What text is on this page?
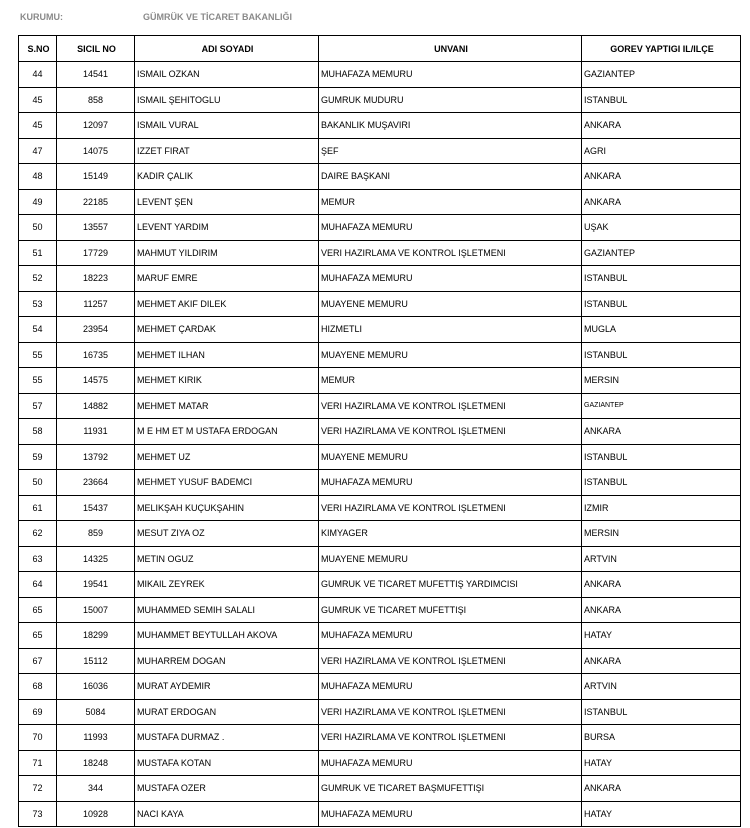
KURUMU:	GÜMRÜK VE TİCARET BAKANLIĞI
S.NO	SICIL NO	ADI SOYADI	UNVANI	GOREV YAPTIGI IL/ILÇE
44	14541	ISMAIL OZKAN	MUHAFAZA MEMURU	GAZIANTEP
45	858	ISMAIL ŞEHITOGLU	GUMRUK MUDURU	ISTANBUL
45	12097	ISMAIL VURAL	BAKANLIK MUŞAVIRI	ANKARA
47	14075	IZZET FIRAT	ŞEF	AGRI
48	15149	KADIR ÇALIK	DAIRE BAŞKANI	ANKARA
49	22185	LEVENT ŞEN	MEMUR	ANKARA
50	13557	LEVENT YARDIM	MUHAFAZA MEMURU	UŞAK
51	17729	MAHMUT YILDIRIM	VERI HAZIRLAMA VE KONTROL IŞLETMENI	GAZIANTEP
52	18223	MARUF EMRE	MUHAFAZA MEMURU	ISTANBUL
53	11257	MEHMET AKIF DILEK	MUAYENE MEMURU	ISTANBUL
54	23954	MEHMET ÇARDAK	HIZMETLI	MUGLA
55	16735	MEHMET ILHAN	MUAYENE MEMURU	ISTANBUL
55	14575	MEHMET KIRIK	MEMUR	MERSIN
57	14882	MEHMET MATAR	VERI HAZIRLAMA VE KONTROL IŞLETMENI	GAZIANTEP
58	11931	M E HM ET M USTAFA ERDOGAN	VERI HAZIRLAMA VE KONTROL IŞLETMENI	ANKARA
59	13792	MEHMET UZ	MUAYENE MEMURU	ISTANBUL
50	23664	MEHMET YUSUF BADEMCI	MUHAFAZA MEMURU	ISTANBUL
61	15437	MELIKŞAH KUÇUKŞAHIN	VERI HAZIRLAMA VE KONTROL IŞLETMENI	IZMIR
62	859	MESUT ZIYA OZ	KIMYAGER	MERSIN
63	14325	METIN OGUZ	MUAYENE MEMURU	ARTVIN
64	19541	MIKAIL ZEYREK	GUMRUK VE TICARET MUFETTIŞ YARDIMCISI	ANKARA
65	15007	MUHAMMED SEMIH SALALI	GUMRUK VE TICARET MUFETTIŞI	ANKARA
65	18299	MUHAMMET BEYTULLAH AKOVA	MUHAFAZA MEMURU	HATAY
67	15112	MUHARREM DOGAN	VERI HAZIRLAMA VE KONTROL IŞLETMENI	ANKARA
68	16036	MURAT AYDEMIR	MUHAFAZA MEMURU	ARTVIN
69	5084	MURAT ERDOGAN	VERI HAZIRLAMA VE KONTROL IŞLETMENI	ISTANBUL
70	11993	MUSTAFA DURMAZ .	VERI HAZIRLAMA VE KONTROL IŞLETMENI	BURSA
71	18248	MUSTAFA KOTAN	MUHAFAZA MEMURU	HATAY
72	344	MUSTAFA OZER	GUMRUK VE TICARET BAŞMUFETTIŞI	ANKARA
73	10928	NACI KAYA	MUHAFAZA MEMURU	HATAY
